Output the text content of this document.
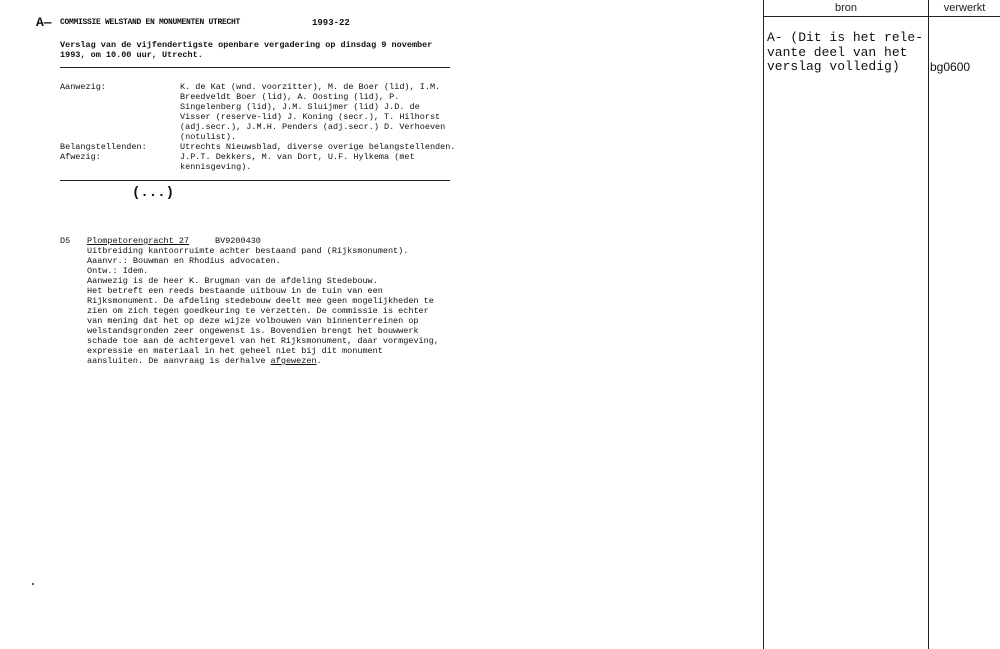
A— COMMISSIE WELSTAND EN MONUMENTEN UTRECHT	1993-22
Verslag van de vijfendertigste openbare vergadering op dinsdag 9 november
1993, om 10.00 uur, Utrecht.
Aanwezig:	K. de Kat (wnd. voorzitter), M. de Boer (lid), I.M.
Breedveldt Boer (lid), A. Oosting (lid), P.
Singelenberg (lid), J.M. Sluijmer (lid) J.D. de
Visser (reserve-lid) J. Koning (secr.), T. Hilhorst
(adj.secr.), J.M.H. Penders (adj.secr.) D. Verhoeven
(notulist).
Belangstellenden:	Utrechts Nieuwsblad, diverse overige belangstellenden.
Afwezig:	J.P.T. Dekkers, M. van Dort, U.F. Hylkema (met
kennisgeving).
(...)
D5 Plompetorengracht 27	BV9200430
Uitbreiding kantoorruimte achter bestaand pand (Rijksmonument).
Aaanvr.: Bouwman en Rhodius advocaten.
Ontw.: Idem.
Aanwezig is de heer K. Brugman van de afdeling Stedebouw.
Het betreft een reeds bestaande uitbouw in de tuin van een
Rijksmonument. De afdeling stedebouw deelt mee geen mogelijkheden te
zien om zich tegen goedkeuring te verzetten. De commissie is echter
van mening dat het op deze wijze volbouwen van binnenterreinen op
welstandsgronden zeer ongewenst is. Bovendien brengt het bouwwerk
schade toe aan de achtergevel van het Rijksmonument, daar vormgeving,
expressie en materiaal in het geheel niet bij dit monument
aansluiten. De aanvraag is derhalve afgewezen.
bron	verwerkt
A- (Dit is het rele-
vante deel van het
verslag volledig)	bg0600
